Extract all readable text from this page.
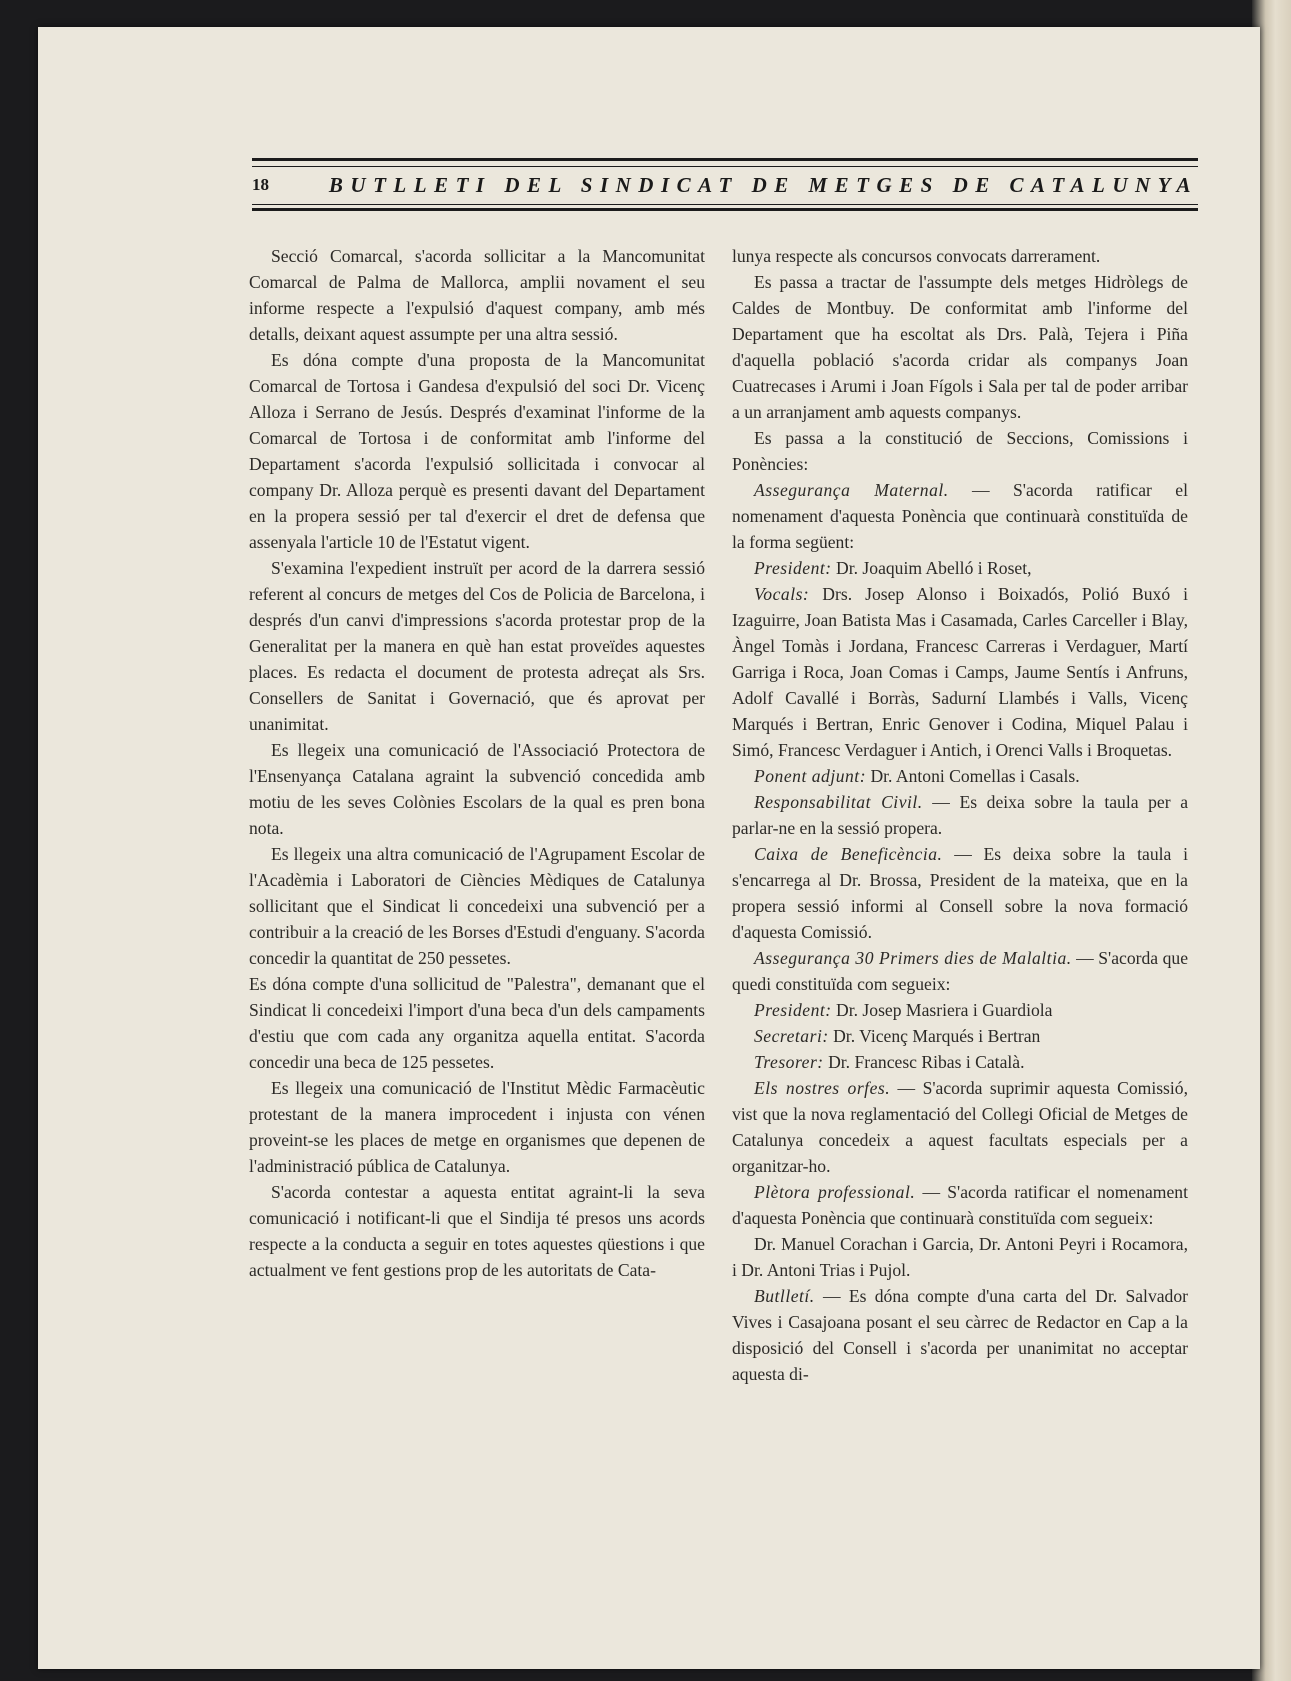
18	BUTLLETI DEL SINDICAT DE METGES DE CATALUNYA

Secció Comarcal, s'acorda sollicitar a la Mancomunitat Comarcal de Palma de Mallorca, amplii novament el seu informe respecte a l'expulsió d'aquest company, amb més detalls, deixant aquest assumpte per una altra sessió.

Es dóna compte d'una proposta de la Mancomunitat Comarcal de Tortosa i Gandesa d'expulsió del soci Dr. Vicenç Alloza i Serrano de Jesús. Després d'examinat l'informe de la Comarcal de Tortosa i de conformitat amb l'informe del Departament s'acorda l'expulsió sollicitada i convocar al company Dr. Alloza perquè es presenti davant del Departament en la propera sessió per tal d'exercir el dret de defensa que assenyala l'article 10 de l'Estatut vigent.

S'examina l'expedient instruït per acord de la darrera sessió referent al concurs de metges del Cos de Policia de Barcelona, i després d'un canvi d'impressions s'acorda protestar prop de la Generalitat per la manera en què han estat proveïdes aquestes places. Es redacta el document de protesta adreçat als Srs. Consellers de Sanitat i Governació, que és aprovat per unanimitat.

Es llegeix una comunicació de l'Associació Protectora de l'Ensenyança Catalana agraint la subvenció concedida amb motiu de les seves Colònies Escolars de la qual es pren bona nota.

Es llegeix una altra comunicació de l'Agrupament Escolar de l'Acadèmia i Laboratori de Ciències Mèdiques de Catalunya sollicitant que el Sindicat li concedeixi una subvenció per a contribuir a la creació de les Borses d'Estudi d'enguany. S'acorda concedir la quantitat de 250 pessetes.

Es dóna compte d'una sollicitud de "Palestra", demanant que el Sindicat li concedeixi l'import d'una beca d'un dels campaments d'estiu que com cada any organitza aquella entitat. S'acorda concedir una beca de 125 pessetes.

Es llegeix una comunicació de l'Institut Mèdic Farmacèutic protestant de la manera improcedent i injusta con vénen proveint-se les places de metge en organismes que depenen de l'administració pública de Catalunya.

S'acorda contestar a aquesta entitat agraint-li la seva comunicació i notificant-li que el Sindija té presos uns acords respecte a la conducta a seguir en totes aquestes qüestions i que actualment ve fent gestions prop de les autoritats de Cata-

lunya respecte als concursos convocats darrerament.

Es passa a tractar de l'assumpte dels metges Hidròlegs de Caldes de Montbuy. De conformitat amb l'informe del Departament que ha escoltat als Drs. Palà, Tejera i Piña d'aquella població s'acorda cridar als companys Joan Cuatrecases i Arumi i Joan Fígols i Sala per tal de poder arribar a un arranjament amb aquests companys.

Es passa a la constitució de Seccions, Comissions i Ponències:

Assegurança Maternal. — S'acorda ratificar el nomenament d'aquesta Ponència que continuarà constituïda de la forma següent:

President: Dr. Joaquim Abelló i Roset,

Vocals: Drs. Josep Alonso i Boixadós, Polió Buxó i Izaguirre, Joan Batista Mas i Casamada, Carles Carceller i Blay, Àngel Tomàs i Jordana, Francesc Carreras i Verdaguer, Martí Garriga i Roca, Joan Comas i Camps, Jaume Sentís i Anfruns, Adolf Cavallé i Borràs, Sadurní Llambés i Valls, Vicenç Marqués i Bertran, Enric Genover i Codina, Miquel Palau i Simó, Francesc Verdaguer i Antich, i Orenci Valls i Broquetas.

Ponent adjunt: Dr. Antoni Comellas i Casals.

Responsabilitat Civil. — Es deixa sobre la taula per a parlar-ne en la sessió propera.

Caixa de Beneficència. — Es deixa sobre la taula i s'encarrega al Dr. Brossa, President de la mateixa, que en la propera sessió informi al Consell sobre la nova formació d'aquesta Comissió.

Assegurança 30 Primers dies de Malaltia. — S'acorda que quedi constituïda com segueix:

President: Dr. Josep Masriera i Guardiola

Secretari: Dr. Vicenç Marqués i Bertran

Tresorer: Dr. Francesc Ribas i Català.

Els nostres orfes. — S'acorda suprimir aquesta Comissió, vist que la nova reglamentació del Collegi Oficial de Metges de Catalunya concedeix a aquest facultats especials per a organitzar-ho.

Plètora professional. — S'acorda ratificar el nomenament d'aquesta Ponència que continuarà constituïda com segueix:

Dr. Manuel Corachan i Garcia, Dr. Antoni Peyri i Rocamora, i Dr. Antoni Trias i Pujol.

Butlletí. — Es dóna compte d'una carta del Dr. Salvador Vives i Casajoana posant el seu càrrec de Redactor en Cap a la disposició del Consell i s'acorda per unanimitat no acceptar aquesta di-
